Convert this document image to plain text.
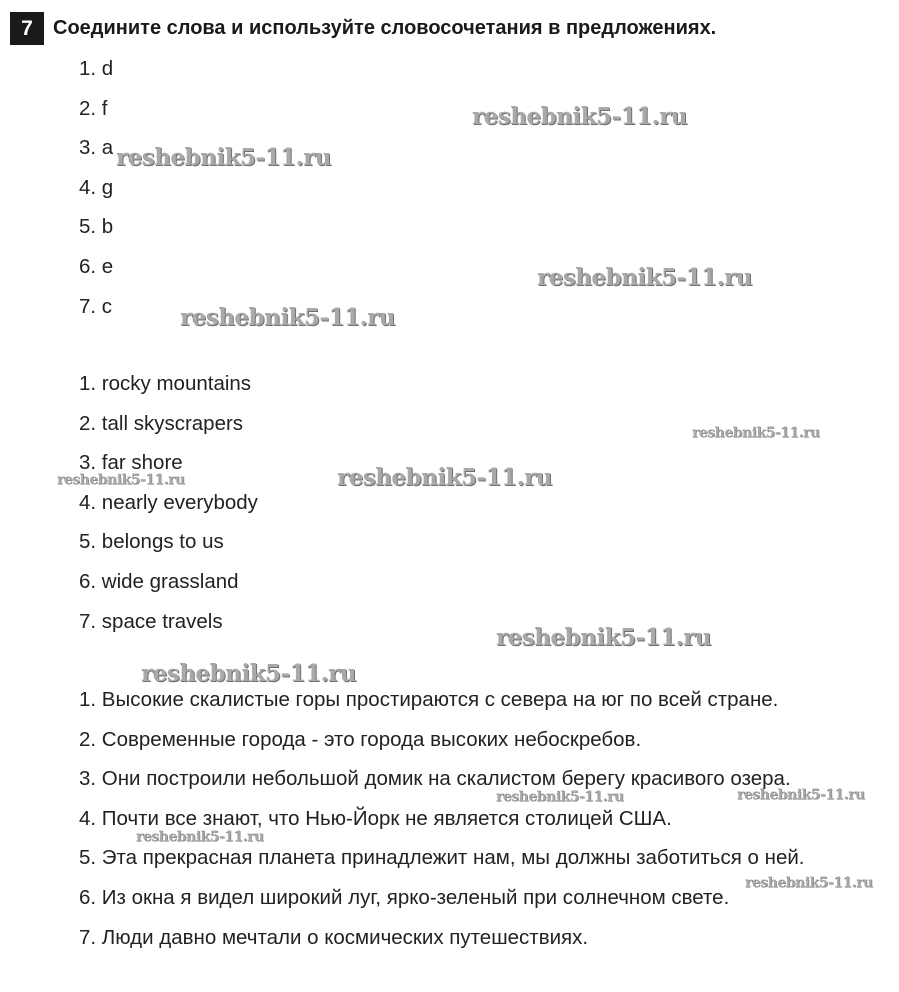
7	Соедините слова и используйте словосочетания в предложениях.
1. d
2. f
3. a
4. g
5. b
6. e
7. c
1. rocky mountains
2. tall skyscrapers
3. far shore
4. nearly everybody
5. belongs to us
6. wide grassland
7. space travels
1. Высокие скалистые горы простираются с севера на юг по всей стране.
2. Современные города - это города высоких небоскребов.
3. Они построили небольшой домик на скалистом берегу красивого озера.
4. Почти все знают, что Нью-Йорк не является столицей США.
5. Эта прекрасная планета принадлежит нам, мы должны заботиться о ней.
6. Из окна я видел широкий луг, ярко-зеленый при солнечном свете.
7. Люди давно мечтали о космических путешествиях.
reshebnik5-11.ru
reshebnik5-11.ru
reshebnik5-11.ru
reshebnik5-11.ru
reshebnik5-11.ru
reshebnik5-11.ru	reshebnik5-11.ru
reshebnik5-11.ru
reshebnik5-11.ru
reshebnik5-11.ru	reshebnik5-11.ru
reshebnik5-11.ru
reshebnik5-11.ru
